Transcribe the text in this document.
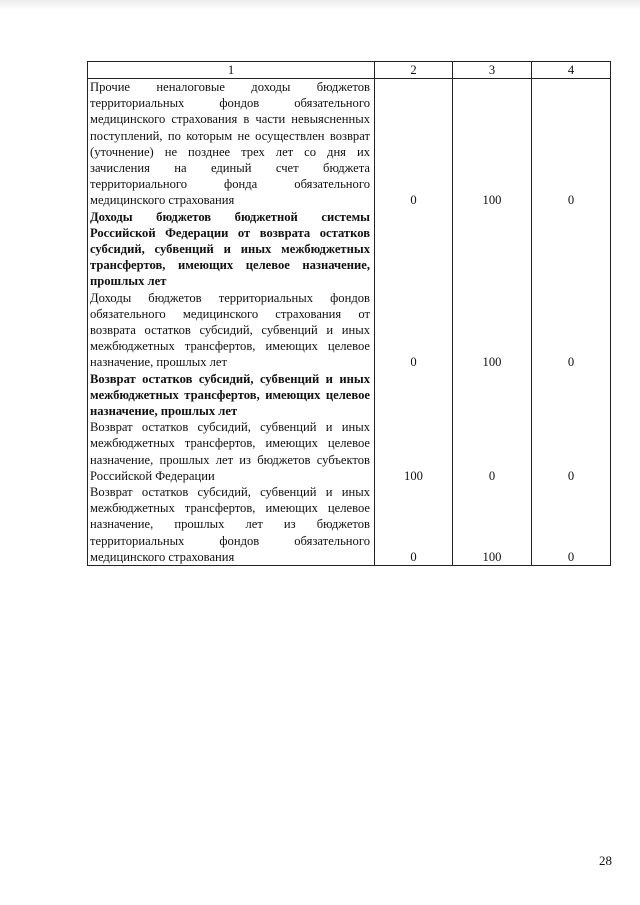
1	2	3	4
Прочие неналоговые доходы бюджетов территориальных фондов обязательного медицинского страхования в части невыясненных поступлений, по которым не осуществлен возврат (уточнение) не позднее трех лет со дня их зачисления на единый счет бюджета территориального фонда обязательного медицинского страхования	0	100	0
Доходы бюджетов бюджетной системы Российской Федерации от возврата остатков субсидий, субвенций и иных межбюджетных трансфертов, имеющих целевое назначение, прошлых лет			
Доходы бюджетов территориальных фондов обязательного медицинского страхования от возврата остатков субсидий, субвенций и иных межбюджетных трансфертов, имеющих целевое назначение, прошлых лет	0	100	0
Возврат остатков субсидий, субвенций и иных межбюджетных трансфертов, имеющих целевое назначение, прошлых лет			
Возврат остатков субсидий, субвенций и иных межбюджетных трансфертов, имеющих целевое назначение, прошлых лет из бюджетов субъектов Российской Федерации	100	0	0
Возврат остатков субсидий, субвенций и иных межбюджетных трансфертов, имеющих целевое назначение, прошлых лет из бюджетов территориальных фондов обязательного медицинского страхования	0	100	0
28
